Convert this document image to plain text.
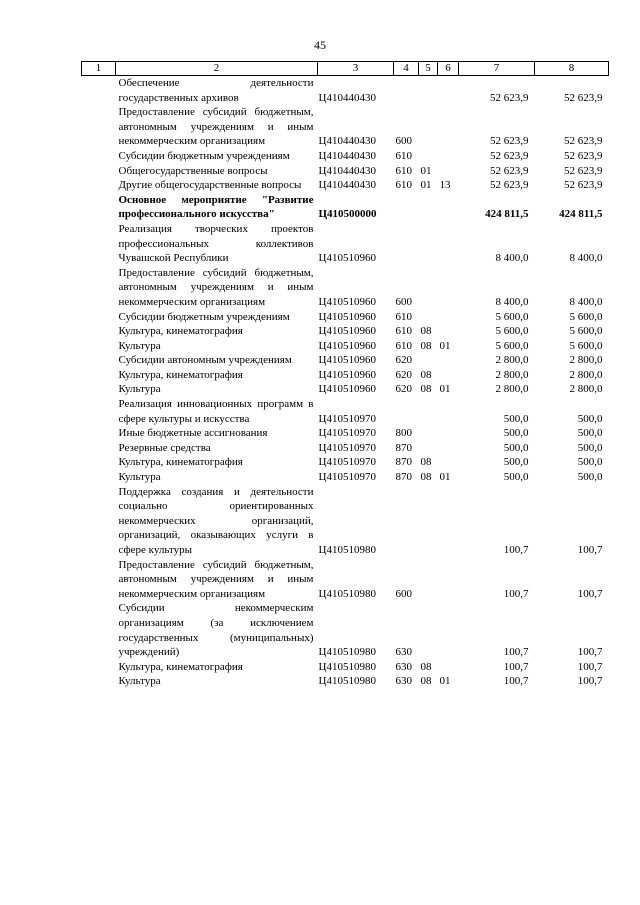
45
1	2	3	4	5	6	7	8
	Обеспечение деятельности государственных архивов	Ц410440430				52 623,9	52 623,9
	Предоставление субсидий бюджетным, автономным учреждениям и иным некоммерческим организациям	Ц410440430	600			52 623,9	52 623,9
	Субсидии бюджетным учреждениям	Ц410440430	610			52 623,9	52 623,9
	Общегосударственные вопросы	Ц410440430	610	01		52 623,9	52 623,9
	Другие общегосударственные вопросы	Ц410440430	610	01	13	52 623,9	52 623,9
	Основное мероприятие "Развитие профессионального искусства"	Ц410500000				424 811,5	424 811,5
	Реализация творческих проектов профессиональных коллективов Чувашской Республики	Ц410510960				8 400,0	8 400,0
	Предоставление субсидий бюджетным, автономным учреждениям и иным некоммерческим организациям	Ц410510960	600			8 400,0	8 400,0
	Субсидии бюджетным учреждениям	Ц410510960	610			5 600,0	5 600,0
	Культура, кинематография	Ц410510960	610	08		5 600,0	5 600,0
	Культура	Ц410510960	610	08	01	5 600,0	5 600,0
	Субсидии автономным учреждениям	Ц410510960	620			2 800,0	2 800,0
	Культура, кинематография	Ц410510960	620	08		2 800,0	2 800,0
	Культура	Ц410510960	620	08	01	2 800,0	2 800,0
	Реализация инновационных программ в сфере культуры и искусства	Ц410510970				500,0	500,0
	Иные бюджетные ассигнования	Ц410510970	800			500,0	500,0
	Резервные средства	Ц410510970	870			500,0	500,0
	Культура, кинематография	Ц410510970	870	08		500,0	500,0
	Культура	Ц410510970	870	08	01	500,0	500,0
	Поддержка создания и деятельности социально ориентированных некоммерческих организаций, организаций, оказывающих услуги в сфере культуры	Ц410510980				100,7	100,7
	Предоставление субсидий бюджетным, автономным учреждениям и иным некоммерческим организациям	Ц410510980	600			100,7	100,7
	Субсидии некоммерческим организациям (за исключением государственных (муниципальных) учреждений)	Ц410510980	630			100,7	100,7
	Культура, кинематография	Ц410510980	630	08		100,7	100,7
	Культура	Ц410510980	630	08	01	100,7	100,7
